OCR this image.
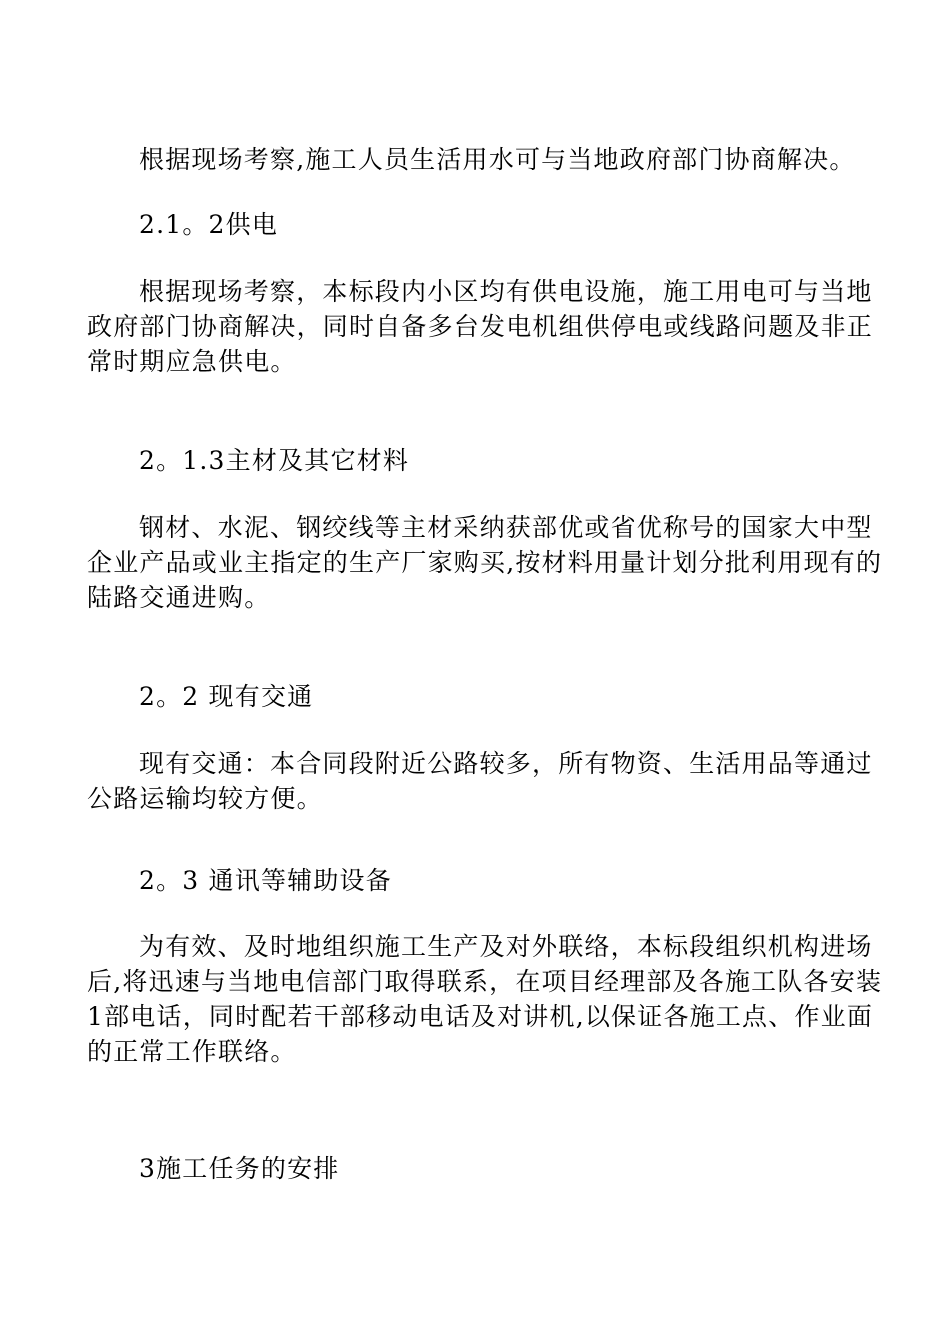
根据现场考察,施工人员生活用水可与当地政府部门协商解决。

2.1。2供电

根据现场考察，本标段内小区均有供电设施，施工用电可与当地
政府部门协商解决，同时自备多台发电机组供停电或线路问题及非正
常时期应急供电。

2。1.3主材及其它材料

钢材、水泥、钢绞线等主材采纳获部优或省优称号的国家大中型
企业产品或业主指定的生产厂家购买,按材料用量计划分批利用现有的
陆路交通进购。

2。2 现有交通

现有交通：本合同段附近公路较多，所有物资、生活用品等通过
公路运输均较方便。

2。3 通讯等辅助设备

为有效、及时地组织施工生产及对外联络，本标段组织机构进场
后,将迅速与当地电信部门取得联系，在项目经理部及各施工队各安装
1部电话，同时配若干部移动电话及对讲机,以保证各施工点、作业面
的正常工作联络。

3施工任务的安排
